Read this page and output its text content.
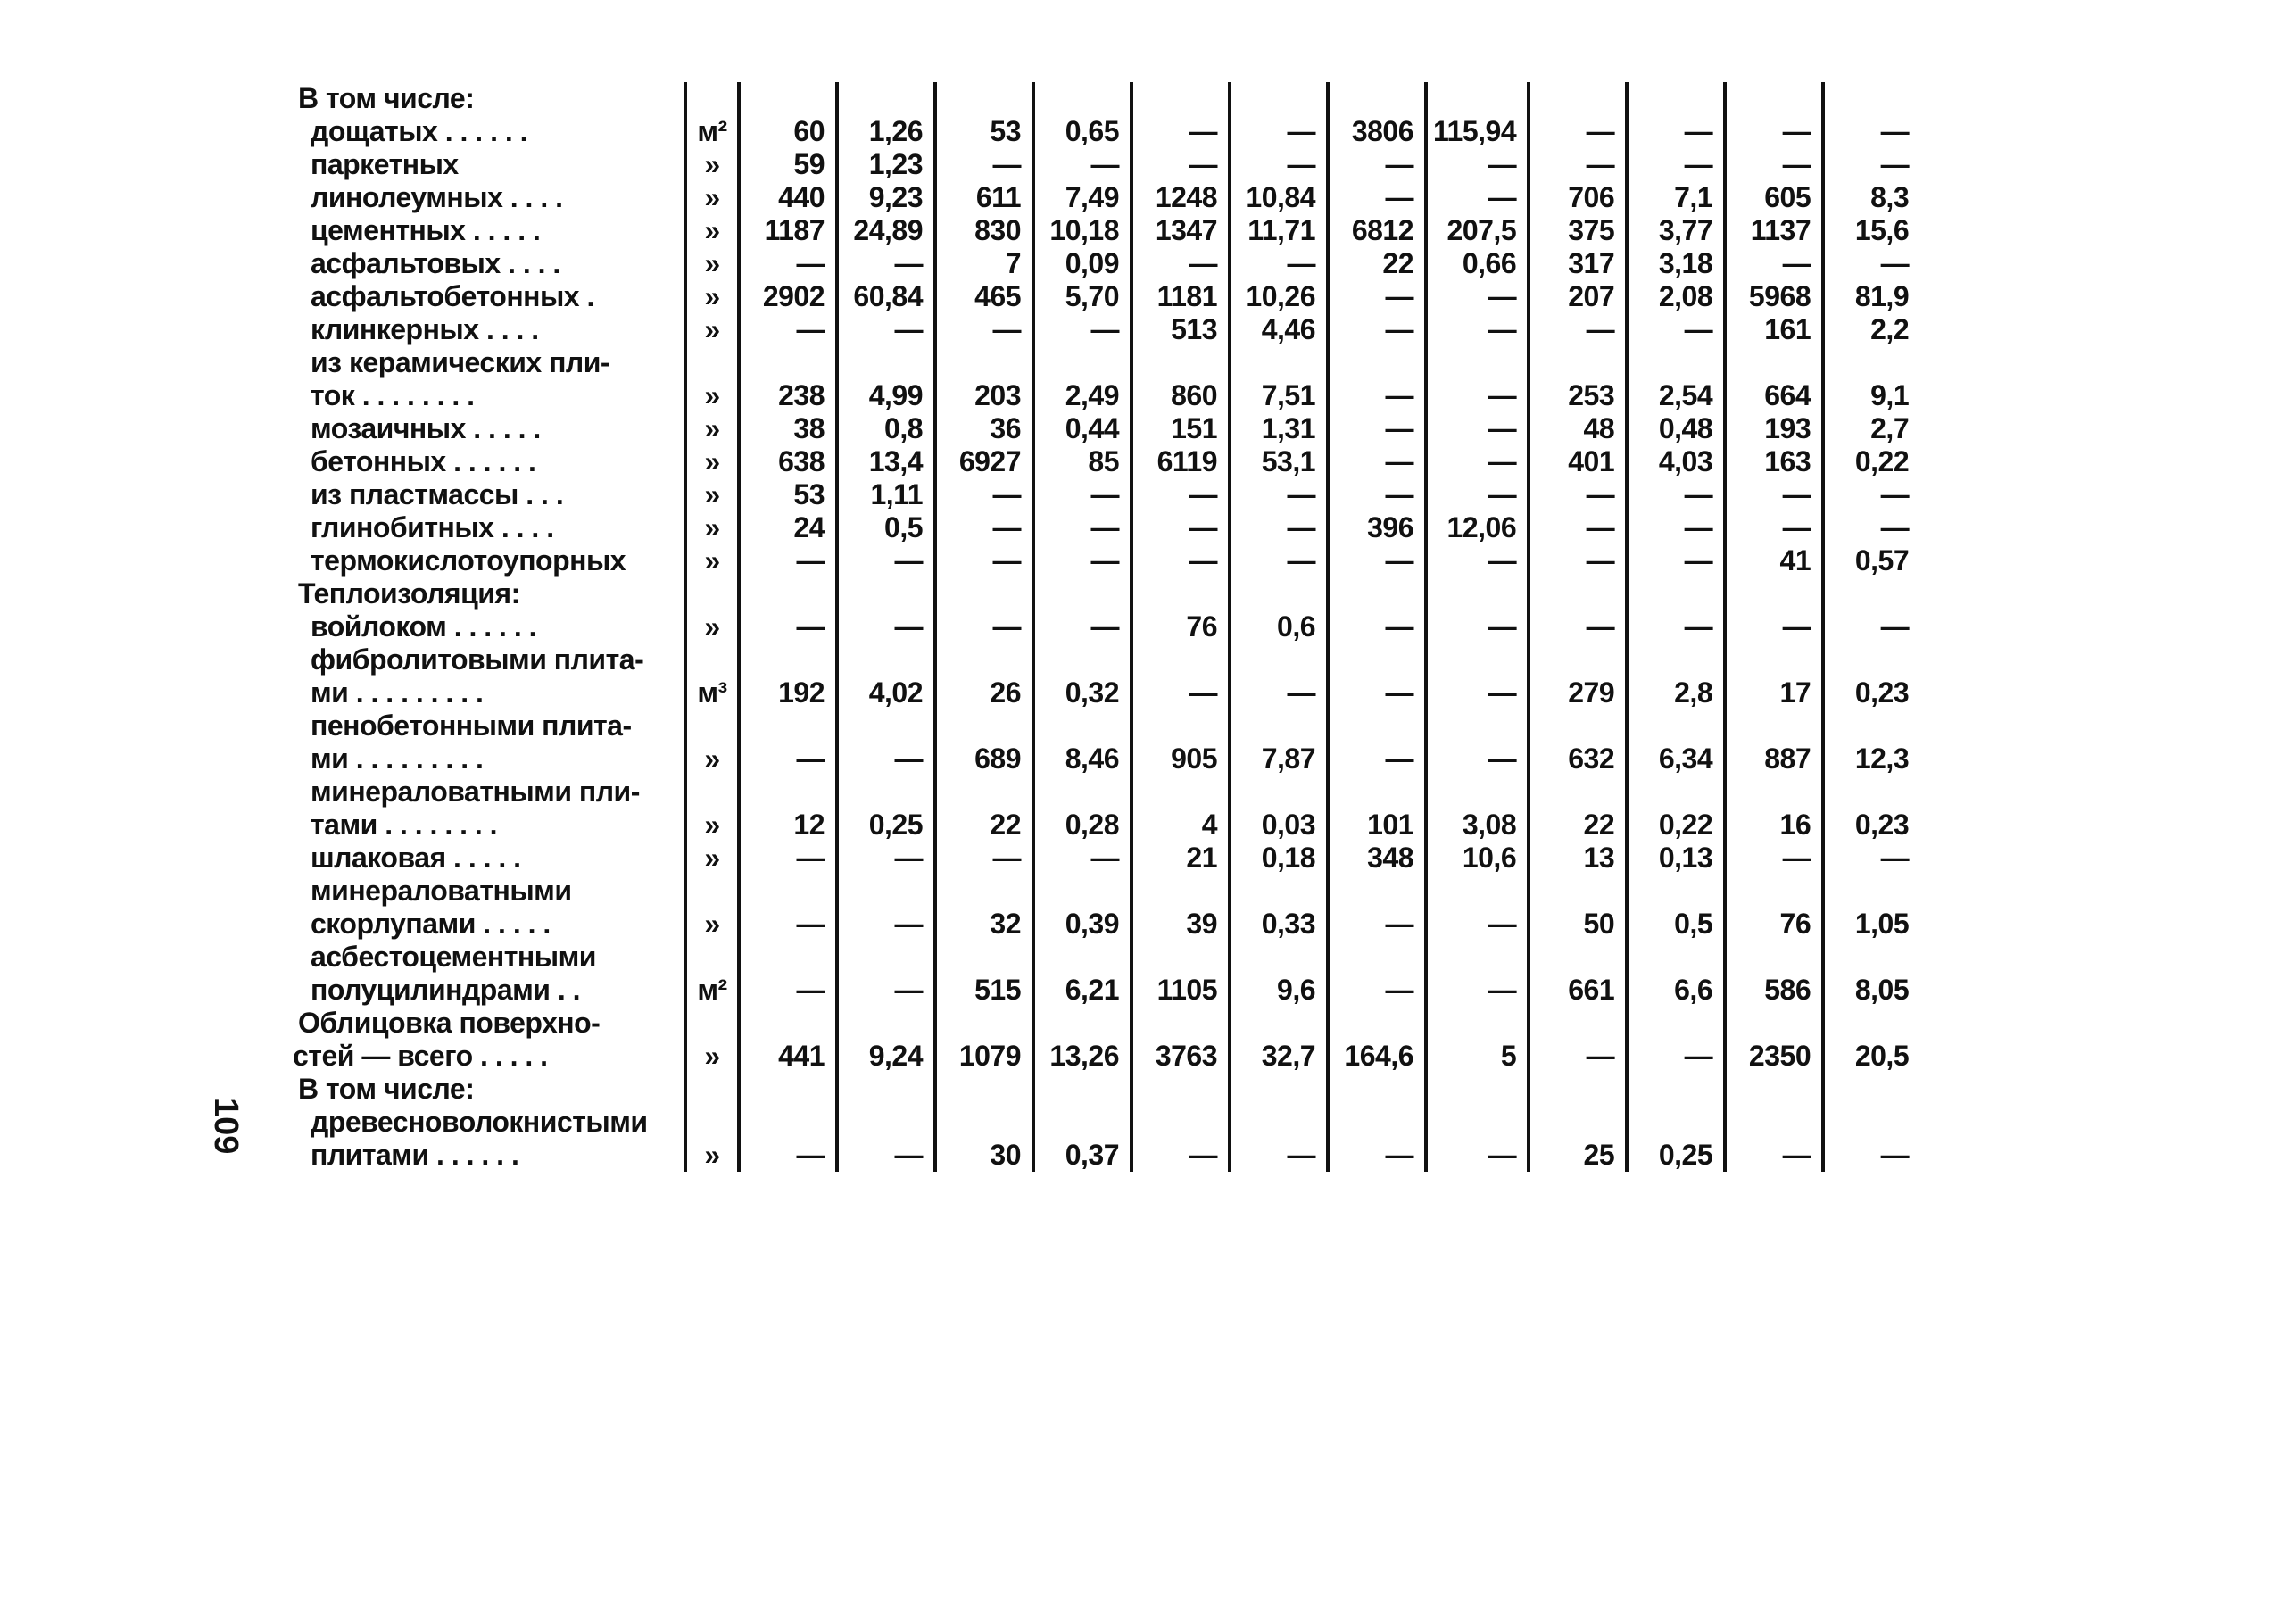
109
В том числе:													
дощатых . . . . . .	м²	60	1,26	53	0,65	—	—	3806	115,94	—	—	—	—
паркетных	»	59	1,23	—	—	—	—	—	—	—	—	—	—
линолеумных . . . .	»	440	9,23	611	7,49	1248	10,84	—	—	706	7,1	605	8,3
цементных . . . . .	»	1187	24,89	830	10,18	1347	11,71	6812	207,5	375	3,77	1137	15,6
асфальтовых . . . .	»	—	—	7	0,09	—	—	22	0,66	317	3,18	—	—
асфальтобетонных .	»	2902	60,84	465	5,70	1181	10,26	—	—	207	2,08	5968	81,9
клинкерных . . . .	»	—	—	—	—	513	4,46	—	—	—	—	161	2,2
из керамических пли-													
ток . . . . . . . .	»	238	4,99	203	2,49	860	7,51	—	—	253	2,54	664	9,1
мозаичных . . . . .	»	38	0,8	36	0,44	151	1,31	—	—	48	0,48	193	2,7
бетонных . . . . . .	»	638	13,4	6927	85	6119	53,1	—	—	401	4,03	163	0,22
из пластмассы . . .	»	53	1,11	—	—	—	—	—	—	—	—	—	—
глинобитных . . . .	»	24	0,5	—	—	—	—	396	12,06	—	—	—	—
термокислотоупорных	»	—	—	—	—	—	—	—	—	—	—	41	0,57
Теплоизоляция:													
войлоком . . . . . .	»	—	—	—	—	76	0,6	—	—	—	—	—	—
фибролитовыми плита-													
ми . . . . . . . . .	м³	192	4,02	26	0,32	—	—	—	—	279	2,8	17	0,23
пенобетонными плита-													
ми . . . . . . . . .	»	—	—	689	8,46	905	7,87	—	—	632	6,34	887	12,3
минераловатными пли-													
тами . . . . . . . .	»	12	0,25	22	0,28	4	0,03	101	3,08	22	0,22	16	0,23
шлаковая . . . . .	»	—	—	—	—	21	0,18	348	10,6	13	0,13	—	—
минераловатными													
скорлупами . . . . .	»	—	—	32	0,39	39	0,33	—	—	50	0,5	76	1,05
асбестоцементными													
полуцилиндрами . .	м²	—	—	515	6,21	1105	9,6	—	—	661	6,6	586	8,05
Облицовка поверхно-													
стей — всего . . . . .	»	441	9,24	1079	13,26	3763	32,7	164,6	5	—	—	2350	20,5
В том числе:													
древесноволокнистыми													
плитами . . . . . .	»	—	—	30	0,37	—	—	—	—	25	0,25	—	—
